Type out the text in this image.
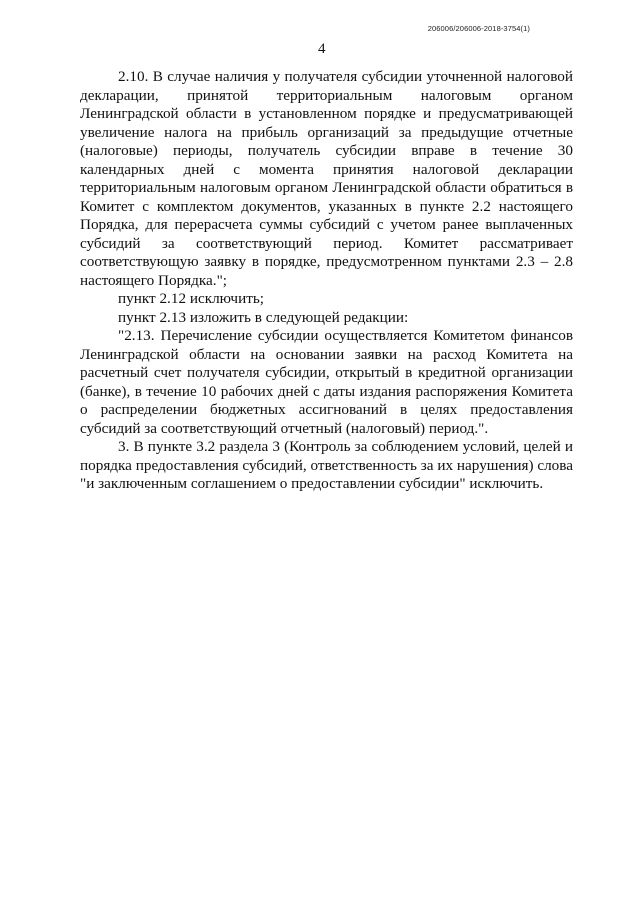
206006/206006-2018-3754(1)
4

2.10. В случае наличия у получателя субсидии уточненной налоговой декларации, принятой территориальным налоговым органом Ленинградской области в установленном порядке и предусматривающей увеличение налога на прибыль организаций за предыдущие отчетные (налоговые) периоды, получатель субсидии вправе в течение 30 календарных дней с момента принятия налоговой декларации территориальным налоговым органом Ленинградской области обратиться в Комитет с комплектом документов, указанных в пункте 2.2 настоящего Порядка, для перерасчета суммы субсидий с учетом ранее выплаченных субсидий за соответствующий период. Комитет рассматривает соответствующую заявку в порядке, предусмотренном пунктами 2.3 – 2.8 настоящего Порядка.";

пункт 2.12 исключить;

пункт 2.13 изложить в следующей редакции:

"2.13. Перечисление субсидии осуществляется Комитетом финансов Ленинградской области на основании заявки на расход Комитета на расчетный счет получателя субсидии, открытый в кредитной организации (банке), в течение 10 рабочих дней с даты издания распоряжения Комитета о распределении бюджетных ассигнований в целях предоставления субсидий за соответствующий отчетный (налоговый) период.".

3. В пункте 3.2 раздела 3 (Контроль за соблюдением условий, целей и порядка предоставления субсидий, ответственность за их нарушения) слова "и заключенным соглашением о предоставлении субсидии" исключить.
